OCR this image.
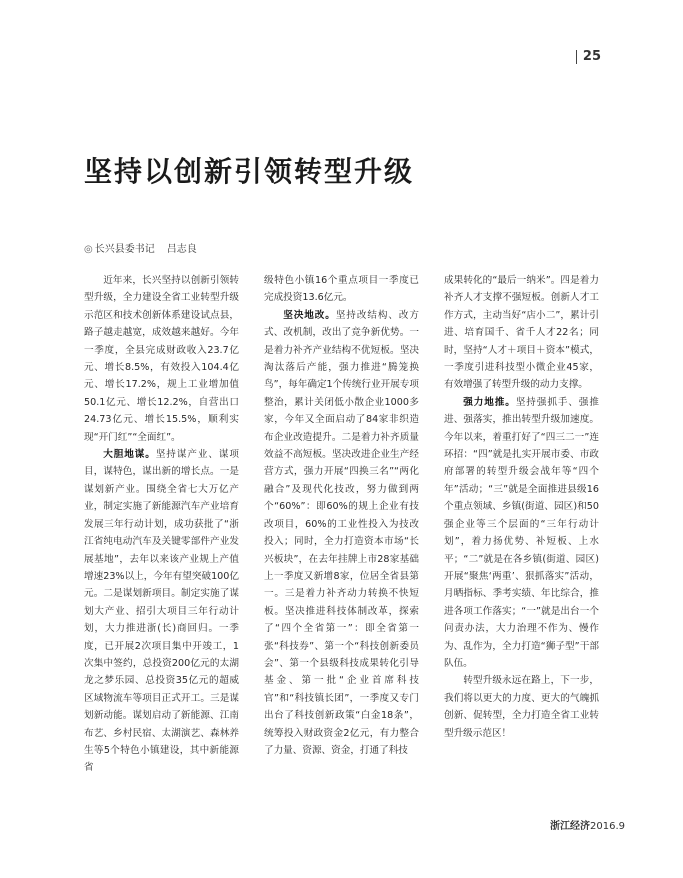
25
坚持以创新引领转型升级
◎ 长兴县委书记 吕志良

近年来，长兴坚持以创新引领转型升级，全力建设全省工业转型升级示范区和技术创新体系建设试点县，路子越走越宽，成效越来越好。今年一季度，全县完成财政收入23.7亿元、增长8.5%，有效投入104.4亿元、增长17.2%，规上工业增加值50.1亿元、增长12.2%，自营出口24.73亿元、增长15.5%，顺利实现“开门红”“全面红”。

大胆地谋。坚持谋产业、谋项目，谋特色，谋出新的增长点。一是谋划新产业。围绕全省七大万亿产业，制定实施了新能源汽车产业培育发展三年行动计划，成功获批了“浙江省纯电动汽车及关键零部件产业发展基地”，去年以来该产业规上产值增速23%以上，今年有望突破100亿元。二是谋划新项目。制定实施了谋划大产业、招引大项目三年行动计划，大力推进浙(长)商回归。一季度，已开展2次项目集中开竣工，1次集中签约，总投资200亿元的太湖龙之梦乐园、总投资35亿元的超威区域物流车等项目正式开工。三是谋划新动能。谋划启动了新能源、江南布艺、乡村民宿、太湖演艺、森林养生等5个特色小镇建设，其中新能源省

级特色小镇16个重点项目一季度已完成投资13.6亿元。

坚决地改。坚持改结构、改方式、改机制，改出了竞争新优势。一是着力补齐产业结构不优短板。坚决淘汰落后产能，强力推进“腾笼换鸟”，每年确定1个传统行业开展专项整治，累计关闭低小散企业1000多家，今年又全面启动了84家非织造布企业改造提升。二是着力补齐质量效益不高短板。坚决改进企业生产经营方式，强力开展“四换三名”“两化融合”及现代化技改，努力做到两个“60%”：即60%的规上企业有技改项目，60%的工业性投入为技改投入；同时，全力打造资本市场“长兴板块”，在去年挂牌上市28家基础上一季度又新增8家，位居全省县第一。三是着力补齐动力转换不快短板。坚决推进科技体制改革，探索了“四个全省第一”：即全省第一张“科技券”、第一个“科技创新委员会”、第一个县级科技成果转化引导基金、第一批“企业首席科技官”和“科技镇长团”，一季度又专门出台了科技创新政策“白金18条”，统筹投入财政资金2亿元，有力整合了力量、资源、资金，打通了科技

成果转化的“最后一纳米”。四是着力补齐人才支撑不强短板。创新人才工作方式，主动当好“店小二”，累计引进、培育国千、省千人才22名；同时，坚持“人才＋项目＋资本”模式，一季度引进科技型小微企业45家，有效增强了转型升级的动力支撑。

强力地推。坚持强抓手、强推进、强落实，推出转型升级加速度。今年以来，着重打好了“四三二一”连环招：“四”就是扎实开展市委、市政府部署的转型升级会战年等“四个年”活动；“三”就是全面推进县级16个重点领域、乡镇(街道、园区)和50强企业等三个层面的“三年行动计划”，着力扬优势、补短板、上水平；“二”就是在各乡镇(街道、园区)开展“聚焦‘两重’、狠抓落实”活动，月晒指标、季考实绩、年比综合，推进各项工作落实；“一”就是出台一个问责办法，大力治理不作为、慢作为、乱作为，全力打造“狮子型”干部队伍。

转型升级永远在路上，下一步，我们将以更大的力度、更大的气魄抓创新、促转型，全力打造全省工业转型升级示范区！

浙江经济2016.9
